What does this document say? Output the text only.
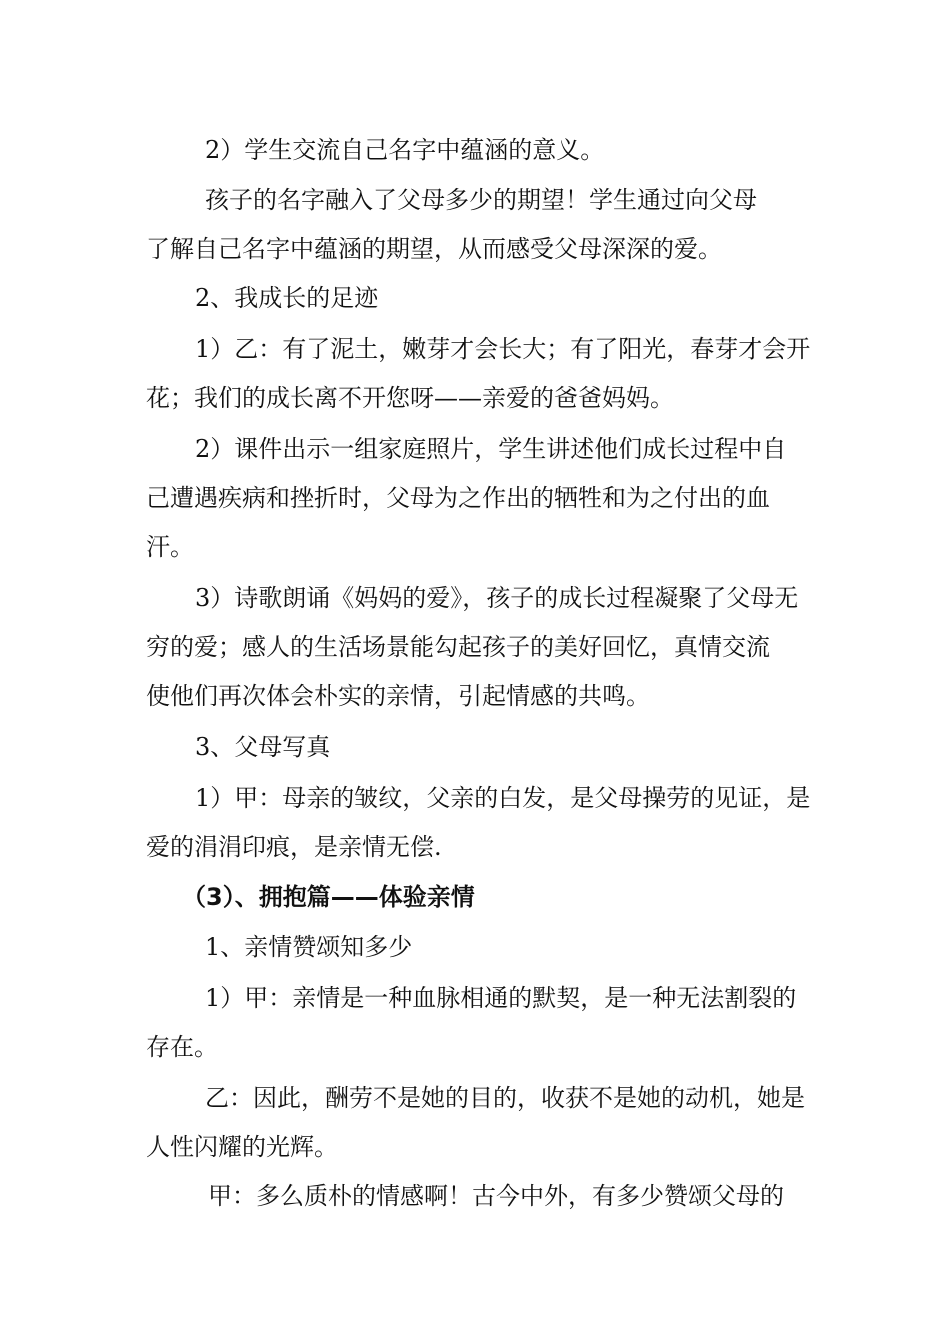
2）学生交流自己名字中蕴涵的意义。
孩子的名字融入了父母多少的期望！学生通过向父母
了解自己名字中蕴涵的期望，从而感受父母深深的爱。
2、我成长的足迹
1）乙：有了泥土，嫩芽才会长大；有了阳光，春芽才会开
花；我们的成长离不开您呀——亲爱的爸爸妈妈。
2）课件出示一组家庭照片，学生讲述他们成长过程中自
己遭遇疾病和挫折时，父母为之作出的牺牲和为之付出的血
汗。
3）诗歌朗诵《妈妈的爱》，孩子的成长过程凝聚了父母无
穷的爱；感人的生活场景能勾起孩子的美好回忆，真情交流
使他们再次体会朴实的亲情，引起情感的共鸣。
3、父母写真
1）甲：母亲的皱纹，父亲的白发，是父母操劳的见证，是
爱的涓涓印痕，是亲情无偿.
（3）、拥抱篇——体验亲情
1、亲情赞颂知多少
1）甲：亲情是一种血脉相通的默契，是一种无法割裂的
存在。
乙：因此，酬劳不是她的目的，收获不是她的动机，她是
人性闪耀的光辉。
甲：多么质朴的情感啊！古今中外，有多少赞颂父母的
